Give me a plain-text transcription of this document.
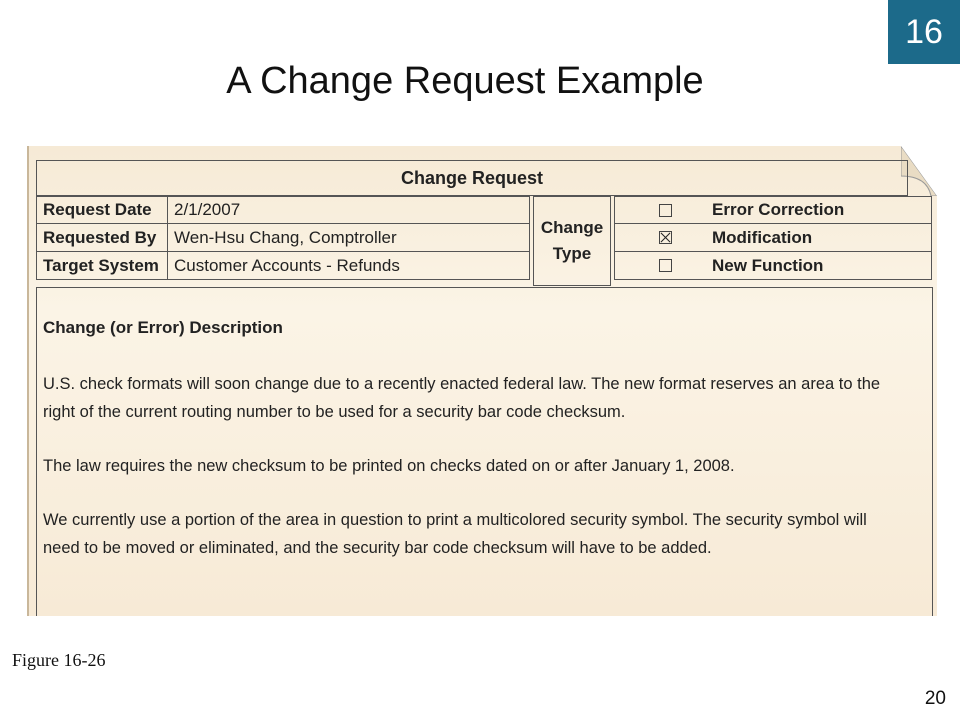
16
A Change Request Example
Change Request
Request Date	2/1/2007
Requested By	Wen-Hsu Chang, Comptroller
Target System Customer Accounts - Refunds
Change
Type
Error Correction
Modification
New Function
Change (or Error) Description
U.S. check formats will soon change due to a recently enacted federal law. The new format reserves an area to the right of the current routing number to be used for a security bar code checksum.
The law requires the new checksum to be printed on checks dated on or after January 1, 2008.
We currently use a portion of the area in question to print a multicolored security symbol. The security symbol will need to be moved or eliminated, and the security bar code checksum will have to be added.
Figure 16-26
20
